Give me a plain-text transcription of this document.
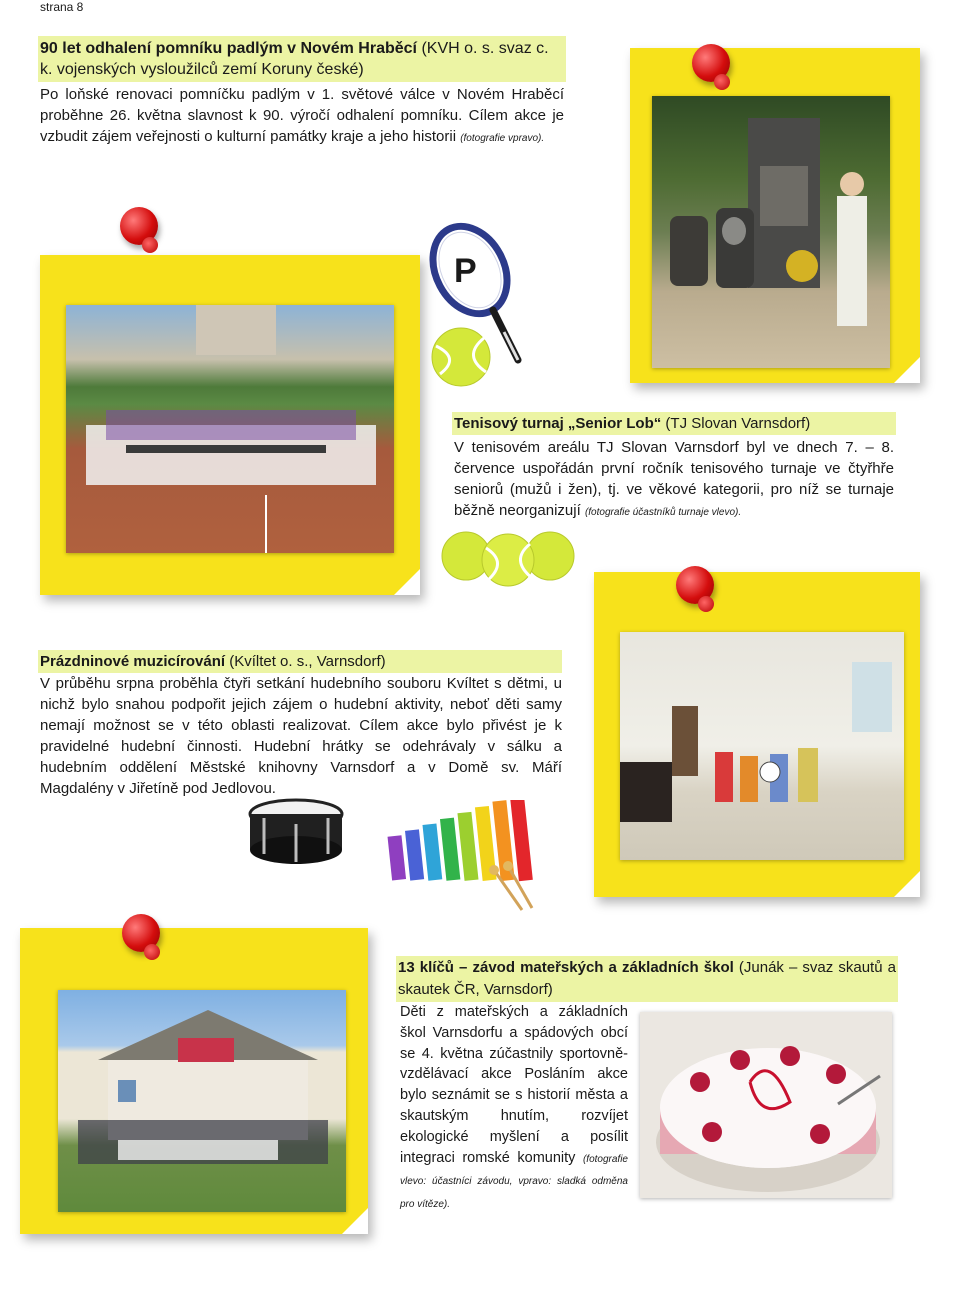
strana 8
90 let odhalení pomníku padlým v Novém Hraběcí (KVH o. s. svaz c. k. vojenských vysloužilců zemí Koruny české)
Po loňské renovaci pomníčku padlým v 1. světové válce v Novém Hraběcí proběhne 26. května slavnost k 90. výročí odhalení pomníku. Cílem akce je vzbudit zájem veřejnosti o kulturní památky kraje a jeho historii (fotografie vpravo).
P
Tenisový turnaj „Senior Lob“ (TJ Slovan Varnsdorf)
V tenisovém areálu TJ Slovan Varnsdorf byl ve dnech 7. – 8. července uspořádán první ročník tenisového turnaje ve čtyřhře seniorů (mužů i žen), tj. ve věkové kategorii, pro níž se turnaje běžně neorganizují (fotografie účastníků turnaje vlevo).
Prázdninové muzicírování (Kvíltet o. s., Varnsdorf)
V průběhu srpna proběhla čtyři setkání hudebního souboru Kvíltet s dětmi, u nichž bylo snahou podpořit jejich zájem o hudební aktivity, neboť děti samy nemají možnost se v této oblasti realizovat. Cílem akce bylo přivést je k pravidelné hudební činnosti. Hudební hrátky se odehrávaly v sálku a hudebním oddělení Městské knihovny Varnsdorf a v Domě sv. Máří Magdalény v Jiřetíně pod Jedlovou.
13 klíčů – závod mateřských a základních škol (Junák – svaz skautů a skautek ČR, Varnsdorf)
Děti z mateřských a základních škol Varnsdorfu a spádových obcí se 4. května zúčastnily sportovně-vzdělávací akce Posláním akce bylo seznámit se s historií města a skautským hnutím, rozvíjet ekologické myšlení a posílit integraci romské komunity (fotografie vlevo: účastníci závodu, vpravo: sladká odměna pro vítěze).
